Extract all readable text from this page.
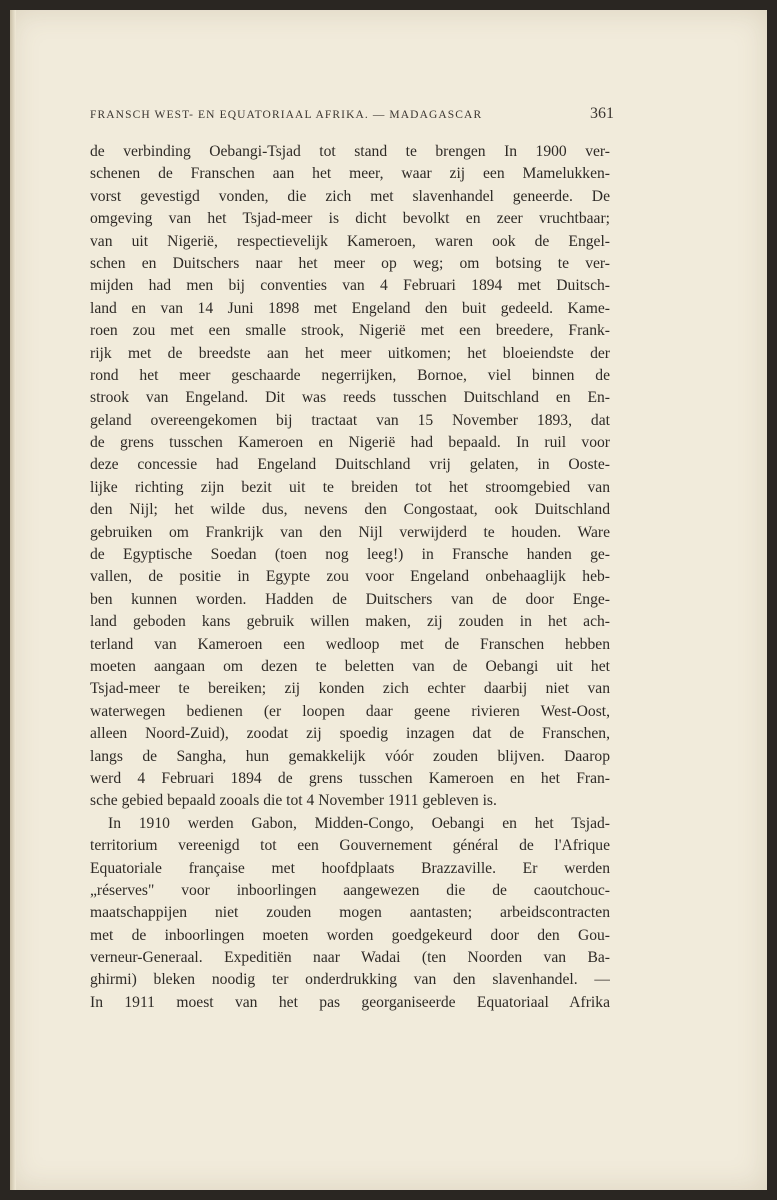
FRANSCH WEST- EN EQUATORIAAL AFRIKA. — MADAGASCAR	361
de verbinding Oebangi-Tsjad tot stand te brengen In 1900 ver-
schenen de Franschen aan het meer, waar zij een Mamelukken-
vorst gevestigd vonden, die zich met slavenhandel geneerde. De
omgeving van het Tsjad-meer is dicht bevolkt en zeer vruchtbaar;
van uit Nigerië, respectievelijk Kameroen, waren ook de Engel-
schen en Duitschers naar het meer op weg; om botsing te ver-
mijden had men bij conventies van 4 Februari 1894 met Duitsch-
land en van 14 Juni 1898 met Engeland den buit gedeeld. Kame-
roen zou met een smalle strook, Nigerië met een breedere, Frank-
rijk met de breedste aan het meer uitkomen; het bloeiendste der
rond het meer geschaarde negerrijken, Bornoe, viel binnen de
strook van Engeland. Dit was reeds tusschen Duitschland en En-
geland overeengekomen bij tractaat van 15 November 1893, dat
de grens tusschen Kameroen en Nigerië had bepaald. In ruil voor
deze concessie had Engeland Duitschland vrij gelaten, in Ooste-
lijke richting zijn bezit uit te breiden tot het stroomgebied van
den Nijl; het wilde dus, nevens den Congostaat, ook Duitschland
gebruiken om Frankrijk van den Nijl verwijderd te houden. Ware
de Egyptische Soedan (toen nog leeg!) in Fransche handen ge-
vallen, de positie in Egypte zou voor Engeland onbehaaglijk heb-
ben kunnen worden. Hadden de Duitschers van de door Enge-
land geboden kans gebruik willen maken, zij zouden in het ach-
terland van Kameroen een wedloop met de Franschen hebben
moeten aangaan om dezen te beletten van de Oebangi uit het
Tsjad-meer te bereiken; zij konden zich echter daarbij niet van
waterwegen bedienen (er loopen daar geene rivieren West-Oost,
alleen Noord-Zuid), zoodat zij spoedig inzagen dat de Franschen,
langs de Sangha, hun gemakkelijk vóór zouden blijven. Daarop
werd 4 Februari 1894 de grens tusschen Kameroen en het Fran-
sche gebied bepaald zooals die tot 4 November 1911 gebleven is.
In 1910 werden Gabon, Midden-Congo, Oebangi en het Tsjad-
territorium vereenigd tot een Gouvernement général de l'Afrique
Equatoriale française met hoofdplaats Brazzaville. Er werden
„réserves" voor inboorlingen aangewezen die de caoutchouc-
maatschappijen niet zouden mogen aantasten; arbeidscontracten
met de inboorlingen moeten worden goedgekeurd door den Gou-
verneur-Generaal. Expeditiën naar Wadai (ten Noorden van Ba-
ghirmi) bleken noodig ter onderdrukking van den slavenhandel. —
In 1911 moest van het pas georganiseerde Equatoriaal Afrika
